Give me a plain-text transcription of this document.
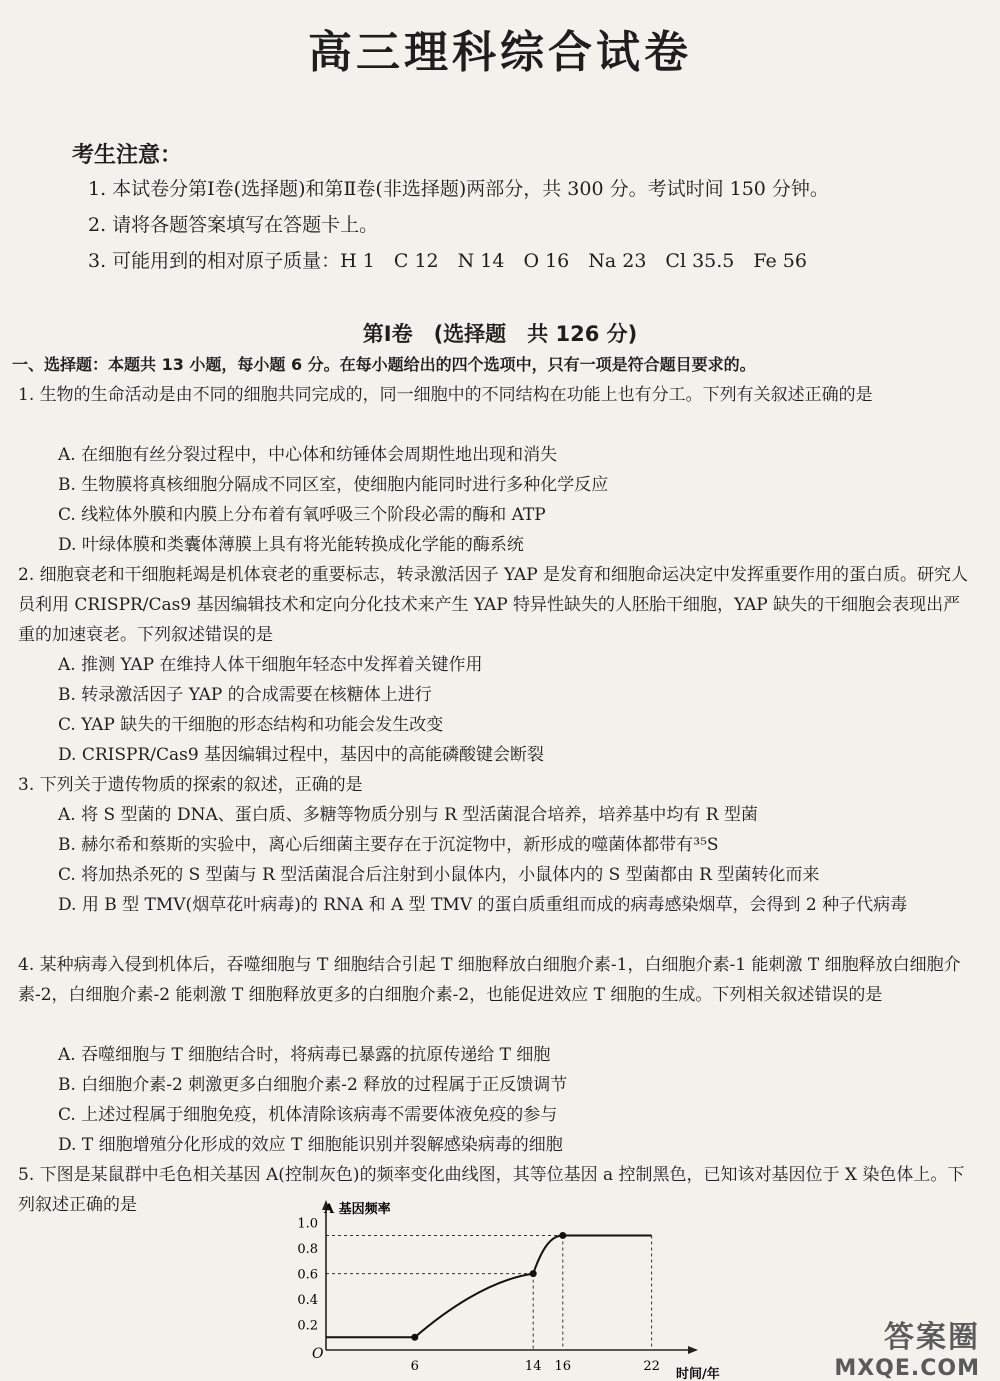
高三理科综合试卷
考生注意：
1. 本试卷分第Ⅰ卷(选择题)和第Ⅱ卷(非选择题)两部分，共 300 分。考试时间 150 分钟。
2. 请将各题答案填写在答题卡上。
3. 可能用到的相对原子质量：H 1　C 12　N 14　O 16　Na 23　Cl 35.5　Fe 56
第Ⅰ卷　(选择题　共 126 分)
一、选择题：本题共 13 小题，每小题 6 分。在每小题给出的四个选项中，只有一项是符合题目要求的。
1. 生物的生命活动是由不同的细胞共同完成的，同一细胞中的不同结构在功能上也有分工。下列有关叙述正确的是
A. 在细胞有丝分裂过程中，中心体和纺锤体会周期性地出现和消失
B. 生物膜将真核细胞分隔成不同区室，使细胞内能同时进行多种化学反应
C. 线粒体外膜和内膜上分布着有氧呼吸三个阶段必需的酶和 ATP
D. 叶绿体膜和类囊体薄膜上具有将光能转换成化学能的酶系统
2. 细胞衰老和干细胞耗竭是机体衰老的重要标志，转录激活因子 YAP 是发育和细胞命运决定中发挥重要作用的蛋白质。研究人员利用 CRISPR/Cas9 基因编辑技术和定向分化技术来产生 YAP 特异性缺失的人胚胎干细胞，YAP 缺失的干细胞会表现出严重的加速衰老。下列叙述错误的是
A. 推测 YAP 在维持人体干细胞年轻态中发挥着关键作用
B. 转录激活因子 YAP 的合成需要在核糖体上进行
C. YAP 缺失的干细胞的形态结构和功能会发生改变
D. CRISPR/Cas9 基因编辑过程中，基因中的高能磷酸键会断裂
3. 下列关于遗传物质的探索的叙述，正确的是
A. 将 S 型菌的 DNA、蛋白质、多糖等物质分别与 R 型活菌混合培养，培养基中均有 R 型菌
B. 赫尔希和蔡斯的实验中，离心后细菌主要存在于沉淀物中，新形成的噬菌体都带有³⁵S
C. 将加热杀死的 S 型菌与 R 型活菌混合后注射到小鼠体内，小鼠体内的 S 型菌都由 R 型菌转化而来
D. 用 B 型 TMV(烟草花叶病毒)的 RNA 和 A 型 TMV 的蛋白质重组而成的病毒感染烟草，会得到 2 种子代病毒
4. 某种病毒入侵到机体后，吞噬细胞与 T 细胞结合引起 T 细胞释放白细胞介素-1，白细胞介素-1 能刺激 T 细胞释放白细胞介素-2，白细胞介素-2 能刺激 T 细胞释放更多的白细胞介素-2，也能促进效应 T 细胞的生成。下列相关叙述错误的是
A. 吞噬细胞与 T 细胞结合时，将病毒已暴露的抗原传递给 T 细胞
B. 白细胞介素-2 刺激更多白细胞介素-2 释放的过程属于正反馈调节
C. 上述过程属于细胞免疫，机体清除该病毒不需要体液免疫的参与
D. T 细胞增殖分化形成的效应 T 细胞能识别并裂解感染病毒的细胞
5. 下图是某鼠群中毛色相关基因 A(控制灰色)的频率变化曲线图，其等位基因 a 控制黑色，已知该对基因位于 X 染色体上。下列叙述正确的是	A 基因频率
时间/年
O
0.2
0.4
0.6
0.8
1.0
6	14 16	22
答案圈
MXQE.COM
